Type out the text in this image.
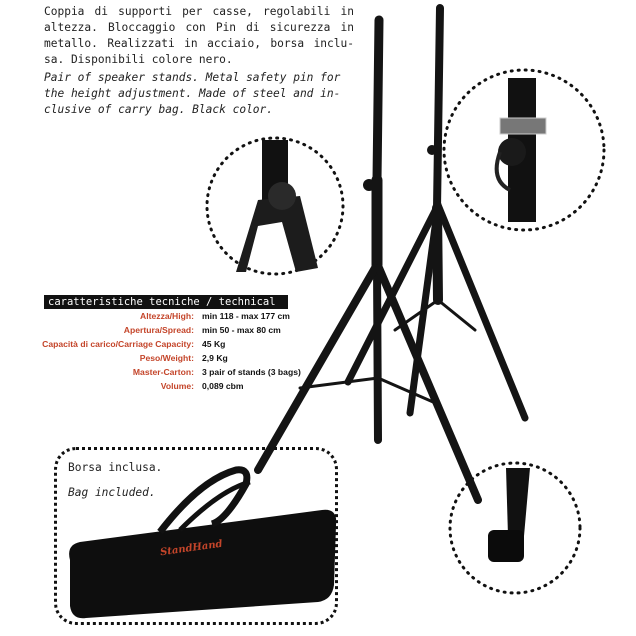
Coppia di supporti per casse, regolabili in altezza. Bloccaggio con Pin di sicurezza in metallo. Realizzati in acciaio, borsa inclu-sa. Disponibili colore nero.
Pair of speaker stands. Metal safety pin for the height adjustment. Made of steel and in-clusive of carry bag. Black color.
StandHand
caratteristiche tecniche / technical features	Altezza/High: min 118 - max 177 cm
Apertura/Spread: min 50 - max 80 cm
Capacità di carico/Carriage Capacity: 45 Kg
Peso/Weight: 2,9 Kg
Master-Carton: 3 pair of stands (3 bags)
Volume: 0,089 cbm
Borsa inclusa.
Bag included.
